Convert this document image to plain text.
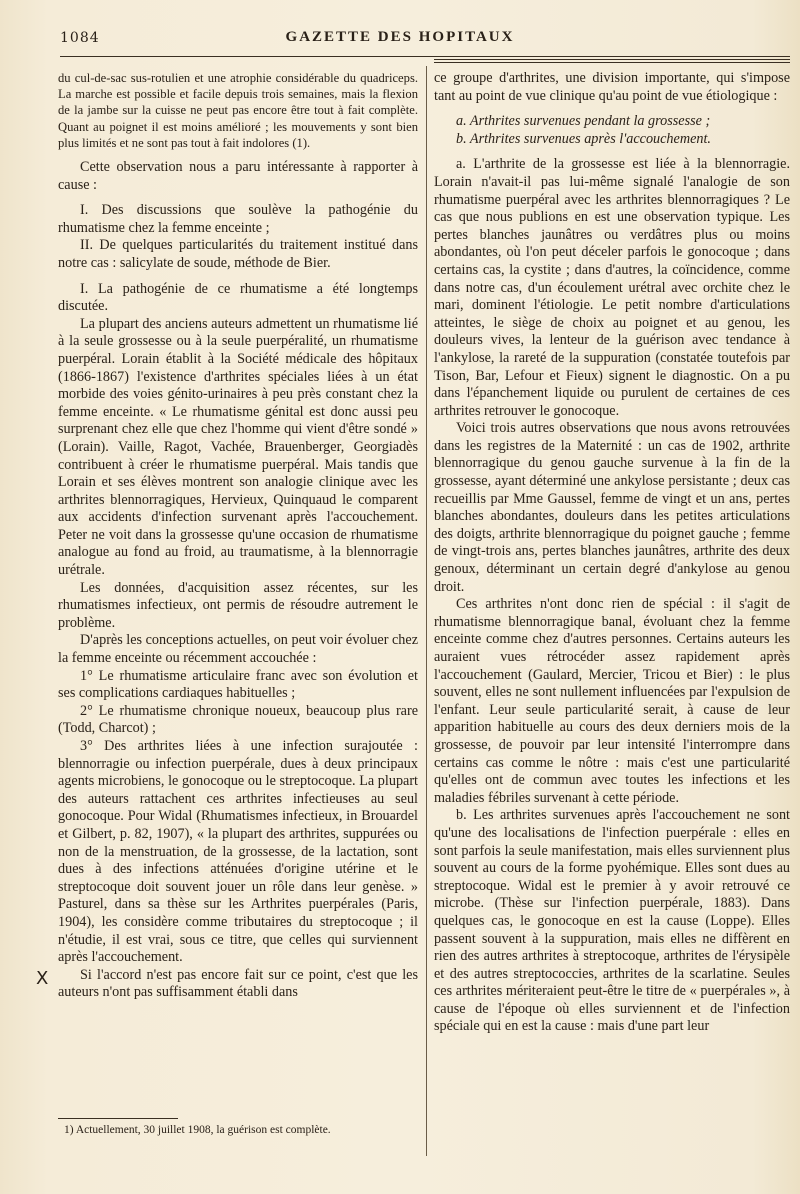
1084	GAZETTE DES HOPITAUX

du cul-de-sac sus-rotulien et une atrophie considérable du quadriceps. La marche est possible et facile depuis trois semaines, mais la flexion de la jambe sur la cuisse ne peut pas encore être tout à fait complète. Quant au poignet il est moins amélioré ; les mouvements y sont bien plus limités et ne sont pas tout à fait indolores (1).

Cette observation nous a paru intéressante à rapporter à cause :

I. Des discussions que soulève la pathogénie du rhumatisme chez la femme enceinte ;

II. De quelques particularités du traitement institué dans notre cas : salicylate de soude, méthode de Bier.

I. La pathogénie de ce rhumatisme a été longtemps discutée.

La plupart des anciens auteurs admettent un rhumatisme lié à la seule grossesse ou à la seule puerpéralité, un rhumatisme puerpéral. Lorain établit à la Société médicale des hôpitaux (1866-1867) l'existence d'arthrites spéciales liées à un état morbide des voies génito-urinaires à peu près constant chez la femme enceinte. « Le rhumatisme génital est donc aussi peu surprenant chez elle que chez l'homme qui vient d'être sondé » (Lorain). Vaille, Ragot, Vachée, Brauenberger, Georgiadès contribuent à créer le rhumatisme puerpéral. Mais tandis que Lorain et ses élèves montrent son analogie clinique avec les arthrites blennorragiques, Hervieux, Quinquaud le comparent aux accidents d'infection survenant après l'accouchement. Peter ne voit dans la grossesse qu'une occasion de rhumatisme analogue au fond au froid, au traumatisme, à la blennorragie urétrale.

Les données, d'acquisition assez récentes, sur les rhumatismes infectieux, ont permis de résoudre autrement le problème.

D'après les conceptions actuelles, on peut voir évoluer chez la femme enceinte ou récemment accouchée :

1° Le rhumatisme articulaire franc avec son évolution et ses complications cardiaques habituelles ;

2° Le rhumatisme chronique noueux, beaucoup plus rare (Todd, Charcot) ;

3° Des arthrites liées à une infection surajoutée : blennorragie ou infection puerpérale, dues à deux principaux agents microbiens, le gonocoque ou le streptocoque. La plupart des auteurs rattachent ces arthrites infectieuses au seul gonocoque. Pour Widal (Rhumatismes infectieux, in Brouardel et Gilbert, p. 82, 1907), « la plupart des arthrites, suppurées ou non de la menstruation, de la grossesse, de la lactation, sont dues à des infections atténuées d'origine utérine et le streptocoque doit souvent jouer un rôle dans leur genèse. » Pasturel, dans sa thèse sur les Arthrites puerpérales (Paris, 1904), les considère comme tributaires du streptocoque ; il n'étudie, il est vrai, sous ce titre, que celles qui surviennent après l'accouchement.

Si l'accord n'est pas encore fait sur ce point, c'est que les auteurs n'ont pas suffisamment établi dans

X
1) Actuellement, 30 juillet 1908, la guérison est complète.

ce groupe d'arthrites, une division importante, qui s'impose tant au point de vue clinique qu'au point de vue étiologique :

a. Arthrites survenues pendant la grossesse ;

b. Arthrites survenues après l'accouchement.

a. L'arthrite de la grossesse est liée à la blennorragie. Lorain n'avait-il pas lui-même signalé l'analogie de son rhumatisme puerpéral avec les arthrites blennorragiques ? Le cas que nous publions en est une observation typique. Les pertes blanches jaunâtres ou verdâtres plus ou moins abondantes, où l'on peut déceler parfois le gonocoque ; dans certains cas, la cystite ; dans d'autres, la coïncidence, comme dans notre cas, d'un écoulement urétral avec orchite chez le mari, dominent l'étiologie. Le petit nombre d'articulations atteintes, le siège de choix au poignet et au genou, les douleurs vives, la lenteur de la guérison avec tendance à l'ankylose, la rareté de la suppuration (constatée toutefois par Tison, Bar, Lefour et Fieux) signent le diagnostic. On a pu dans l'épanchement liquide ou purulent de certaines de ces arthrites retrouver le gonocoque.

Voici trois autres observations que nous avons retrouvées dans les registres de la Maternité : un cas de 1902, arthrite blennorragique du genou gauche survenue à la fin de la grossesse, ayant déterminé une ankylose persistante ; deux cas recueillis par Mme Gaussel, femme de vingt et un ans, pertes blanches abondantes, douleurs dans les petites articulations des doigts, arthrite blennorragique du poignet gauche ; femme de vingt-trois ans, pertes blanches jaunâtres, arthrite des deux genoux, déterminant un certain degré d'ankylose au genou droit.

Ces arthrites n'ont donc rien de spécial : il s'agit de rhumatisme blennorragique banal, évoluant chez la femme enceinte comme chez d'autres personnes. Certains auteurs les auraient vues rétrocéder assez rapidement après l'accouchement (Gaulard, Mercier, Tricou et Bier) : le plus souvent, elles ne sont nullement influencées par l'expulsion de l'enfant. Leur seule particularité serait, à cause de leur apparition habituelle au cours des deux derniers mois de la grossesse, de pouvoir par leur intensité l'interrompre dans certains cas comme le nôtre : mais c'est une particularité qu'elles ont de commun avec toutes les infections et les maladies fébriles survenant à cette période.

b. Les arthrites survenues après l'accouchement ne sont qu'une des localisations de l'infection puerpérale : elles en sont parfois la seule manifestation, mais elles surviennent plus souvent au cours de la forme pyohémique. Elles sont dues au streptocoque. Widal est le premier à y avoir retrouvé ce microbe. (Thèse sur l'infection puerpérale, 1883). Dans quelques cas, le gonocoque en est la cause (Loppe). Elles passent souvent à la suppuration, mais elles ne diffèrent en rien des autres arthrites à streptocoque, arthrites de l'érysipèle et des autres streptococcies, arthrites de la scarlatine. Seules ces arthrites mériteraient peut-être le titre de « puerpérales », à cause de l'époque où elles surviennent et de l'infection spéciale qui en est la cause : mais d'une part leur
